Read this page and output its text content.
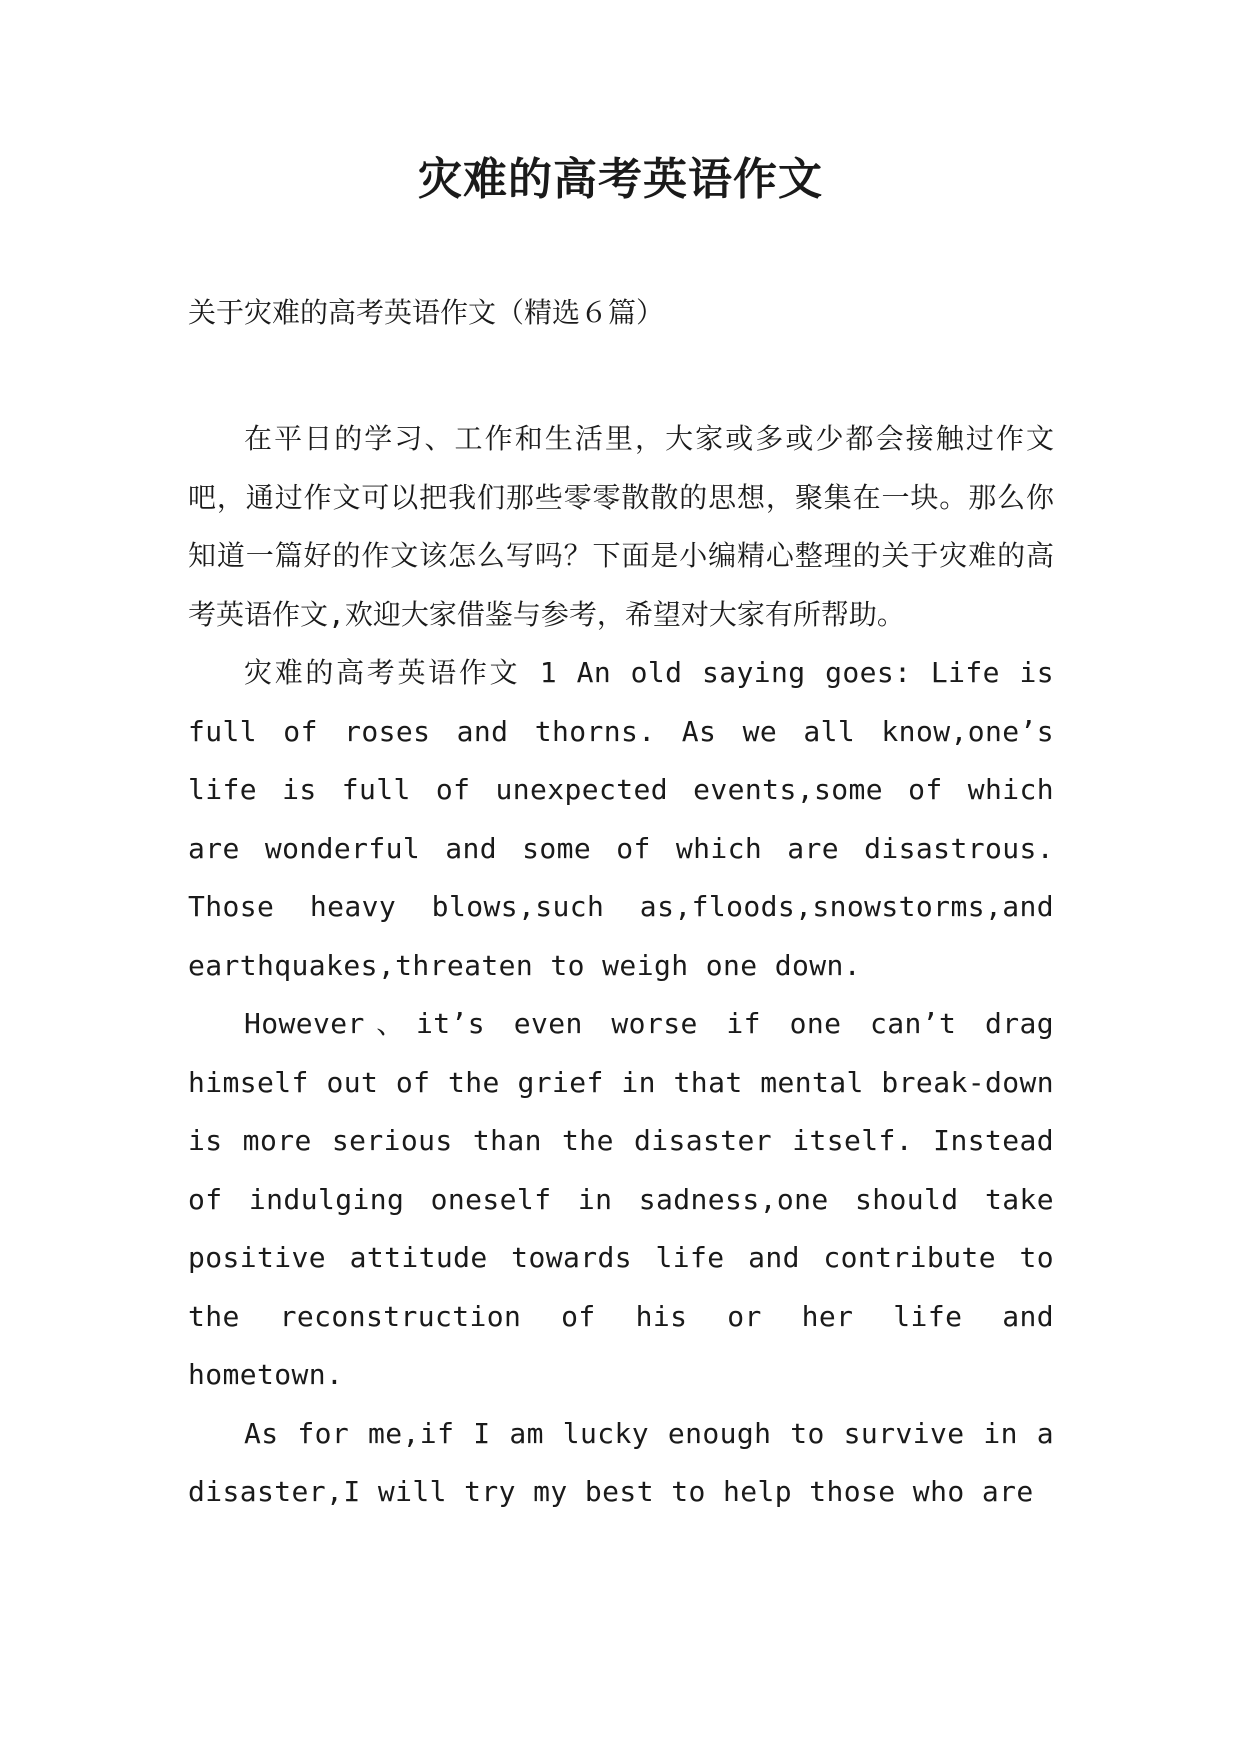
灾难的高考英语作文
关于灾难的高考英语作文（精选６篇）

在平日的学习、工作和生活里，大家或多或少都会接触过作文吧，通过作文可以把我们那些零零散散的思想，聚集在一块。那么你知道一篇好的作文该怎么写吗？下面是小编精心整理的关于灾难的高考英语作文,欢迎大家借鉴与参考，希望对大家有所帮助。

灾难的高考英语作文 1 An old saying goes: Life is full of roses and thorns. As we all know,one’s life is full of unexpected events,some of which are wonderful and some of which are disastrous. Those heavy blows,such as,floods,snowstorms,and earthquakes,threaten to weigh one down.

However、it’s even worse if one can’t drag himself out of the grief in that mental break-down is more serious than the disaster itself. Instead of indulging oneself in sadness,one should take positive attitude towards life and contribute to the reconstruction of his or her life and hometown.

As for me,if I am lucky enough to survive in a disaster,I will try my best to help those who are
